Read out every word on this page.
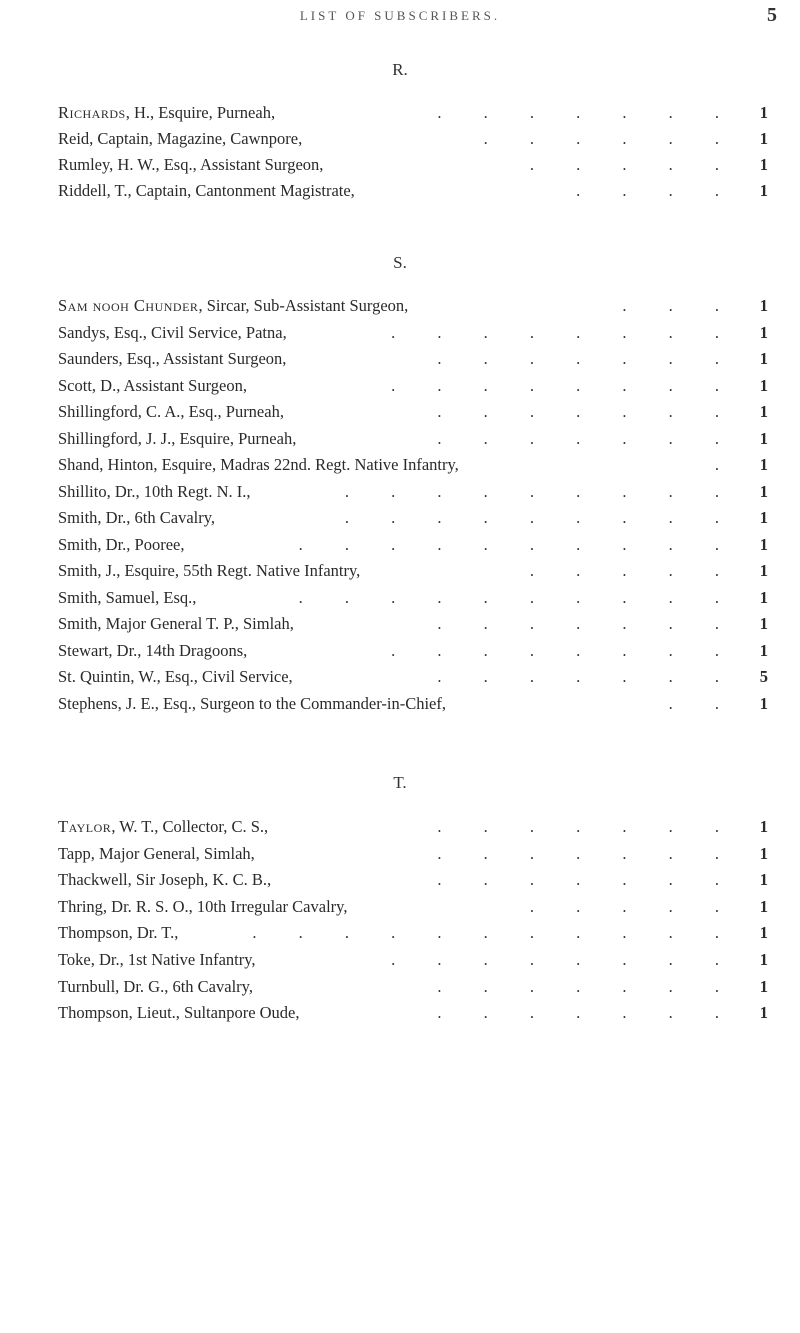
LIST OF SUBSCRIBERS.	5
R.
Richards, H., Esquire, Purneah,	. . . . . . . 1
Reid, Captain, Magazine, Cawnpore,	. . . . . . 1
Rumley, H. W., Esq., Assistant Surgeon,	. . . . . 1
Riddell, T., Captain, Cantonment Magistrate,	. . . . 1
S.
Sam nooh Chunder, Sircar, Sub-Assistant Surgeon,	. . . 1
Sandys, Esq., Civil Service, Patna,	. . . . . . . . 1
Saunders, Esq., Assistant Surgeon,	. . . . . . . 1
Scott, D., Assistant Surgeon,	. . . . . . . . 1
Shillingford, C. A., Esq., Purneah,	. . . . . . . 1
Shillingford, J. J., Esquire, Purneah,	. . . . . . . 1
Shand, Hinton, Esquire, Madras 22nd. Regt. Native Infantry,	. 1
Shillito, Dr., 10th Regt. N. I.,	. . . . . . . . . 1
Smith, Dr., 6th Cavalry,	. . . . . . . . . 1
Smith, Dr., Pooree,	. . . . . . . . . . 1
Smith, J., Esquire, 55th Regt. Native Infantry,	. . . . . 1
Smith, Samuel, Esq.,	. . . . . . . . . . 1
Smith, Major General T. P., Simlah,	. . . . . . . 1
Stewart, Dr., 14th Dragoons,	. . . . . . . . 1
St. Quintin, W., Esq., Civil Service,	. . . . . . . 5
Stephens, J. E., Esq., Surgeon to the Commander-in-Chief,	. . 1
T.
Taylor, W. T., Collector, C. S.,	. . . . . . . 1
Tapp, Major General, Simlah,	. . . . . . . 1
Thackwell, Sir Joseph, K. C. B.,	. . . . . . . 1
Thring, Dr. R. S. O., 10th Irregular Cavalry,	. . . . . 1
Thompson, Dr. T.,	. . . . . . . . . . . 1
Toke, Dr., 1st Native Infantry,	. . . . . . . . 1
Turnbull, Dr. G., 6th Cavalry,	. . . . . . . 1
Thompson, Lieut., Sultanpore Oude,	. . . . . . . 1
